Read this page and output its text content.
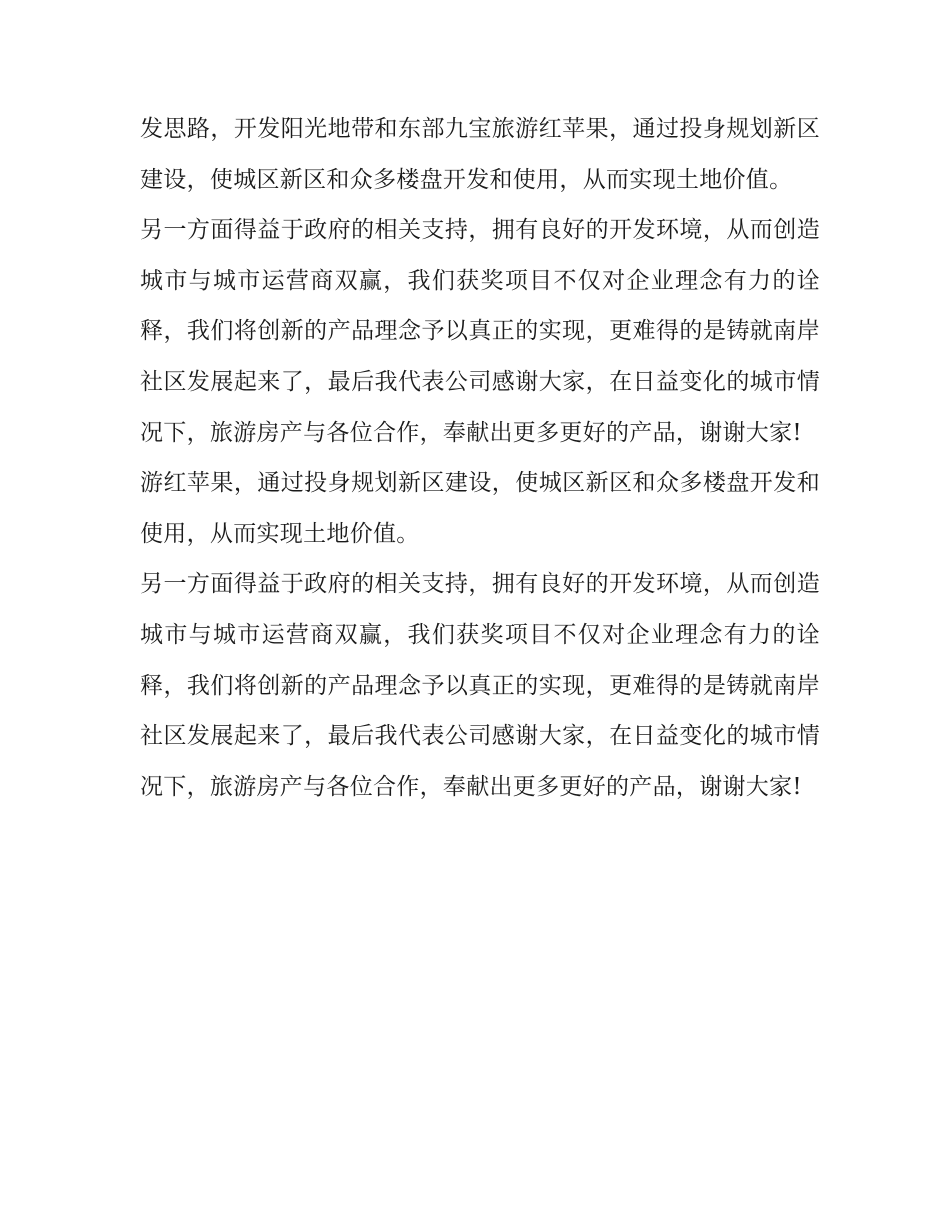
发思路，开发阳光地带和东部九宝旅游红苹果，通过投身规划新区建设，使城区新区和众多楼盘开发和使用，从而实现土地价值。

另一方面得益于政府的相关支持，拥有良好的开发环境，从而创造城市与城市运营商双赢，我们获奖项目不仅对企业理念有力的诠释，我们将创新的产品理念予以真正的实现，更难得的是铸就南岸社区发展起来了，最后我代表公司感谢大家，在日益变化的城市情况下，旅游房产与各位合作，奉献出更多更好的产品，谢谢大家!

游红苹果，通过投身规划新区建设，使城区新区和众多楼盘开发和使用，从而实现土地价值。

另一方面得益于政府的相关支持，拥有良好的开发环境，从而创造城市与城市运营商双赢，我们获奖项目不仅对企业理念有力的诠释，我们将创新的产品理念予以真正的实现，更难得的是铸就南岸社区发展起来了，最后我代表公司感谢大家，在日益变化的城市情况下，旅游房产与各位合作，奉献出更多更好的产品，谢谢大家!
